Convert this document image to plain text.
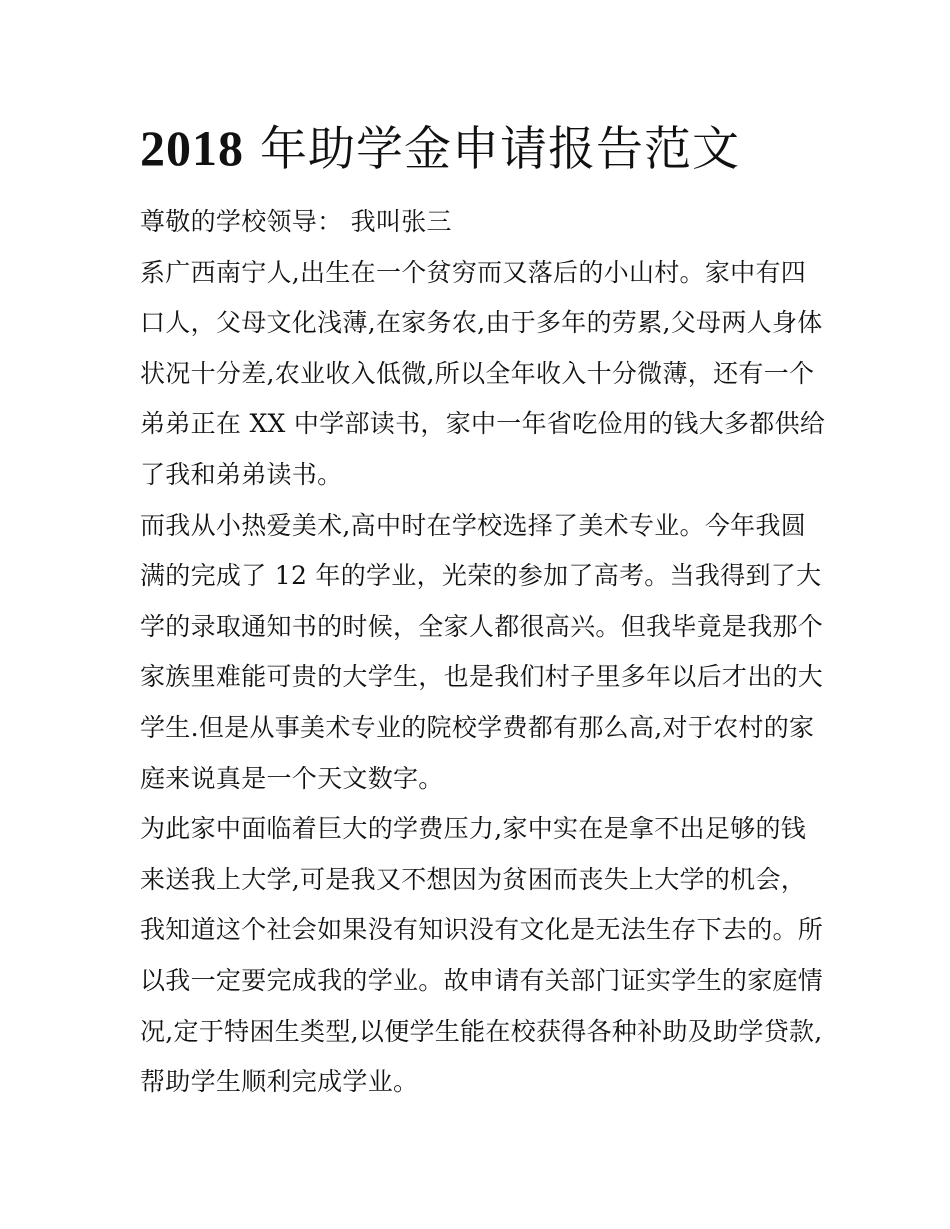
2018 年助学金申请报告范文
尊敬的学校领导： 我叫张三
系广西南宁人,出生在一个贫穷而又落后的小山村。家中有四
口人，父母文化浅薄,在家务农,由于多年的劳累,父母两人身体
状况十分差,农业收入低微,所以全年收入十分微薄，还有一个
弟弟正在 XX 中学部读书，家中一年省吃俭用的钱大多都供给
了我和弟弟读书。
而我从小热爱美术,高中时在学校选择了美术专业。今年我圆
满的完成了 12 年的学业，光荣的参加了高考。当我得到了大
学的录取通知书的时候，全家人都很高兴。但我毕竟是我那个
家族里难能可贵的大学生，也是我们村子里多年以后才出的大
学生.但是从事美术专业的院校学费都有那么高,对于农村的家
庭来说真是一个天文数字。
为此家中面临着巨大的学费压力,家中实在是拿不出足够的钱
来送我上大学,可是我又不想因为贫困而丧失上大学的机会，
我知道这个社会如果没有知识没有文化是无法生存下去的。所
以我一定要完成我的学业。故申请有关部门证实学生的家庭情
况,定于特困生类型,以便学生能在校获得各种补助及助学贷款,
帮助学生顺利完成学业。
